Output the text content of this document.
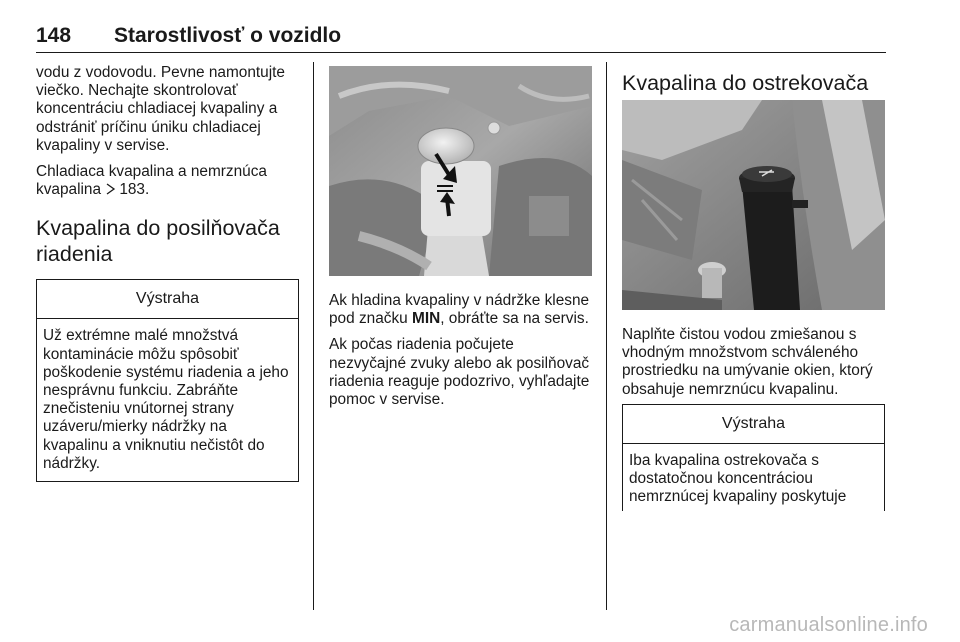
148 Starostlivosť o vozidlo

vodu z vodovodu. Pevne namontujte viečko. Nechajte skontrolovať koncentráciu chladiacej kvapaliny a odstrániť príčinu úniku chladiacej kvapaliny v servise.

Chladiaca kvapalina a nemrznúca kvapalina 183.

Kvapalina do posilňovača riadenia
Výstraha
Už extrémne malé množstvá kontaminácie môžu spôsobiť poškodenie systému riadenia a jeho nesprávnu funkciu. Zabráňte znečisteniu vnútornej strany uzáveru/mierky nádržky na kvapalinu a vniknutiu nečistôt do nádržky.

Ak hladina kvapaliny v nádržke klesne pod značku MIN, obráťte sa na servis.

Ak počas riadenia počujete nezvyčajné zvuky alebo ak posilňovač riadenia reaguje podozrivo, vyhľadajte pomoc v servise.

Kvapalina do ostrekovača

Naplňte čistou vodou zmiešanou s vhodným množstvom schváleného prostriedku na umývanie okien, ktorý obsahuje nemrznúcu kvapalinu.

Výstraha
Iba kvapalina ostrekovača s dostatočnou koncentráciou nemrznúcej kvapaliny poskytuje
carmanualsonline.info
